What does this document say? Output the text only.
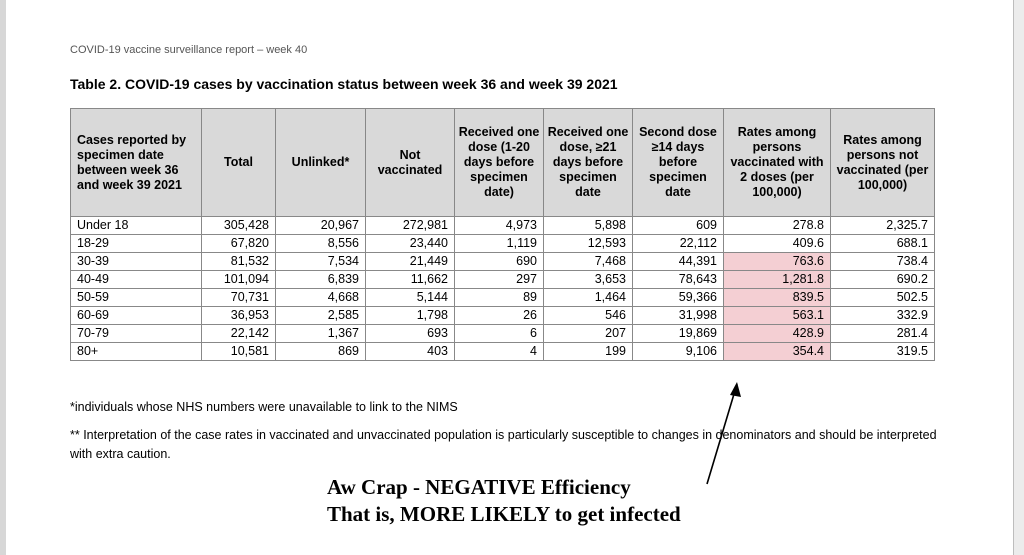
COVID-19 vaccine surveillance report – week 40
Table 2. COVID-19 cases by vaccination status between week 36 and week 39 2021
Cases reported by specimen date between week 36 and week 39 2021	Total	Unlinked*	Not vaccinated	Received one dose (1-20 days before specimen date)	Received one dose, ≥21 days before specimen date	Second dose ≥14 days before specimen date	Rates among persons vaccinated with 2 doses (per 100,000)	Rates among persons not vaccinated (per 100,000)
Under 18	305,428	20,967	272,981	4,973	5,898	609	278.8	2,325.7
18-29	67,820	8,556	23,440	1,119	12,593	22,112	409.6	688.1
30-39	81,532	7,534	21,449	690	7,468	44,391	763.6	738.4
40-49	101,094	6,839	11,662	297	3,653	78,643	1,281.8	690.2
50-59	70,731	4,668	5,144	89	1,464	59,366	839.5	502.5
60-69	36,953	2,585	1,798	26	546	31,998	563.1	332.9
70-79	22,142	1,367	693	6	207	19,869	428.9	281.4
80+	10,581	869	403	4	199	9,106	354.4	319.5
*individuals whose NHS numbers were unavailable to link to the NIMS
** Interpretation of the case rates in vaccinated and unvaccinated population is particularly susceptible to changes in denominators and should be interpreted with extra caution.
Aw Crap - NEGATIVE Efficiency
That is, MORE LIKELY to get infected
